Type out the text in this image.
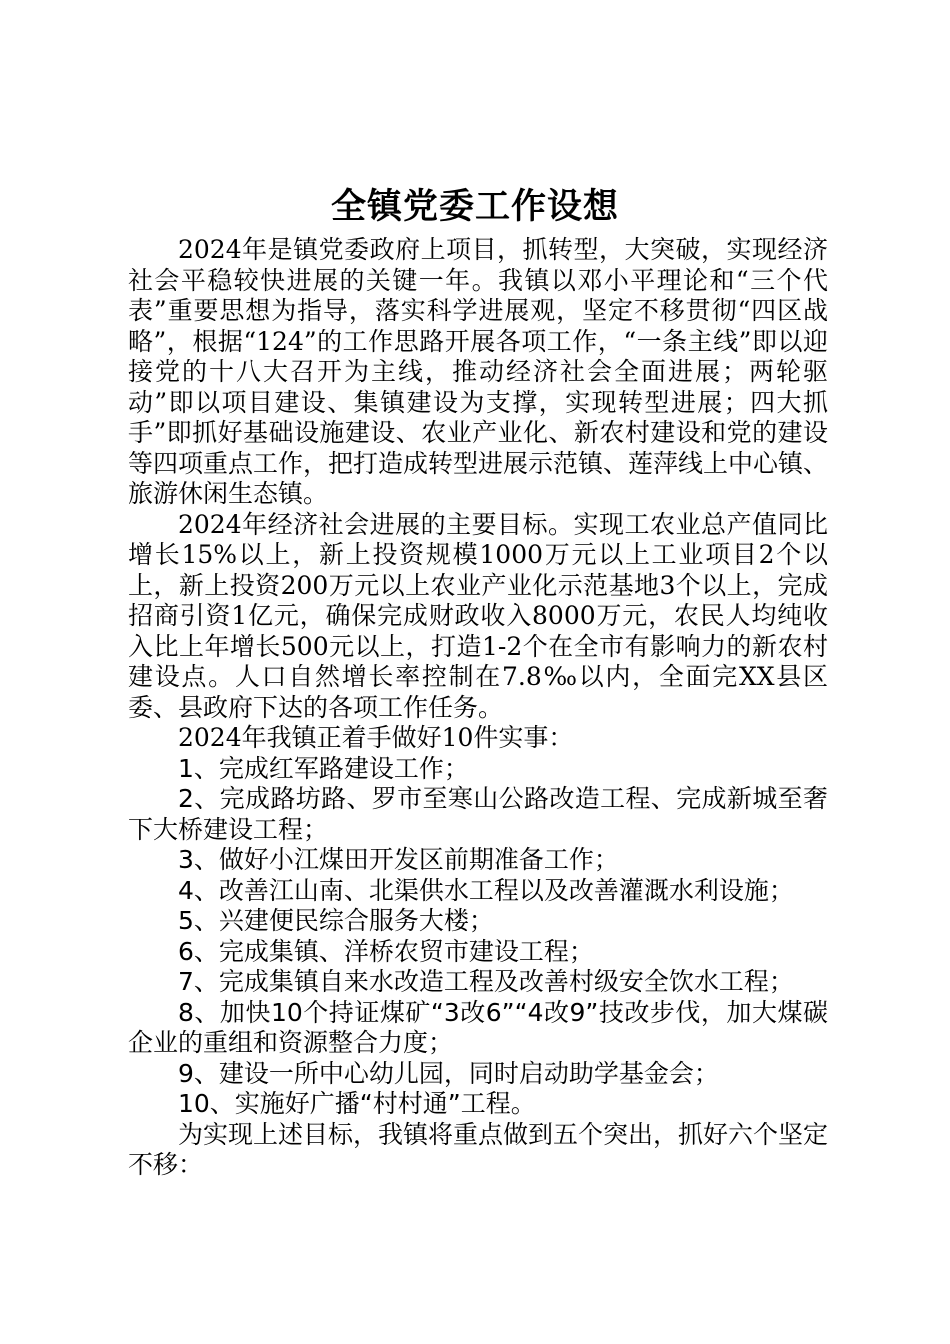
全镇党委工作设想

2024年是镇党委政府上项目，抓转型，大突破，实现经济社会平稳较快进展的关键一年。我镇以邓小平理论和“三个代表”重要思想为指导，落实科学进展观，坚定不移贯彻“四区战略”，根据“124”的工作思路开展各项工作，“一条主线”即以迎接党的十八大召开为主线，推动经济社会全面进展；两轮驱动”即以项目建设、集镇建设为支撑，实现转型进展；四大抓手”即抓好基础设施建设、农业产业化、新农村建设和党的建设等四项重点工作，把打造成转型进展示范镇、莲萍线上中心镇、旅游休闲生态镇。

2024年经济社会进展的主要目标。实现工农业总产值同比增长15%以上，新上投资规模1000万元以上工业项目2个以上，新上投资200万元以上农业产业化示范基地3个以上，完成招商引资1亿元，确保完成财政收入8000万元，农民人均纯收入比上年增长500元以上，打造1-2个在全市有影响力的新农村建设点。人口自然增长率控制在7.8‰以内，全面完XX县区委、县政府下达的各项工作任务。

2024年我镇正着手做好10件实事：

1、完成红军路建设工作；

2、完成路坊路、罗市至寒山公路改造工程、完成新城至奢下大桥建设工程；

3、做好小江煤田开发区前期准备工作；

4、改善江山南、北渠供水工程以及改善灌溉水利设施；

5、兴建便民综合服务大楼；

6、完成集镇、洋桥农贸市建设工程；

7、完成集镇自来水改造工程及改善村级安全饮水工程；

8、加快10个持证煤矿“3改6”“4改9”技改步伐，加大煤碳企业的重组和资源整合力度；

9、建设一所中心幼儿园，同时启动助学基金会；

10、实施好广播“村村通”工程。

为实现上述目标，我镇将重点做到五个突出，抓好六个坚定不移：
